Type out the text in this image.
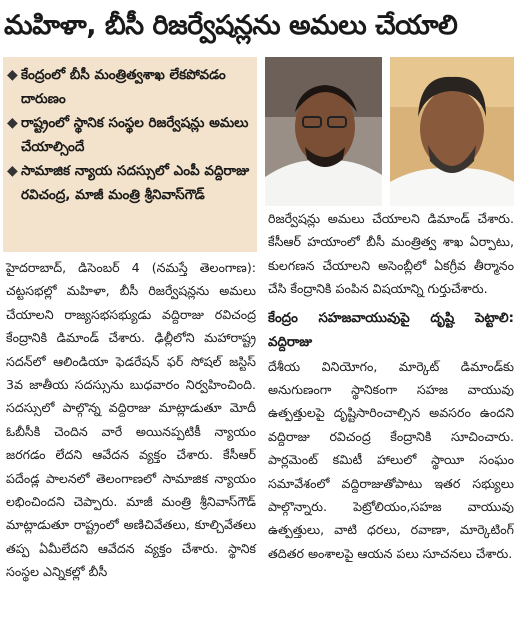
మహిళా, బీసీ రిజర్వేషన్లను అమలు చేయాలి
◆ కేంద్రంలో బీసీ మంత్రిత్వశాఖ లేకపోవడం దారుణం
◆ రాష్ట్రంలో స్థానిక సంస్థల రిజర్వేషన్లు అమలు చేయాల్సిందే
◆ సామాజిక న్యాయ సదస్సులో ఎంపీ వద్దిరాజు రవిచంద్ర, మాజీ మంత్రి శ్రీనివాస్‌గౌడ్

హైదరాబాద్, డిసెంబర్ 4 (నమస్తే తెలంగాణ): చట్టసభల్లో మహిళా, బీసీ రిజర్వేషన్లను అమలు చేయాలని రాజ్యసభసభ్యుడు వద్దిరాజు రవిచంద్ర కేంద్రానికి డిమాండ్ చేశారు. ఢిల్లీలోని మహారాష్ట్ర సదన్‌లో ఆలిండియా ఫెడరేషన్ ఫర్ సోషల్ జస్టిస్ 3వ జాతీయ సదస్సును బుధవారం నిర్వహించింది. సదస్సులో పాల్గొన్న వద్దిరాజు మాట్లాడుతూ మోదీ ఓబీసీకి చెందిన వారే అయినప్పటికీ న్యాయం జరగడం లేదని ఆవేదన వ్యక్తం చేశారు. కేసీఆర్ పదేండ్ల పాలనలో తెలంగాణలో సామాజిక న్యాయం లభించిందని చెప్పారు. మాజీ మంత్రి శ్రీనివాస్‌గౌడ్ మాట్లాడుతూ రాష్ట్రంలో అణిచివేతలు, కూల్చివేతలు తప్ప ఏమీలేదని ఆవేదన వ్యక్తం చేశారు. స్థానిక సంస్థల ఎన్నికల్లో బీసీ

రిజర్వేషన్లు అమలు చేయాలని డిమాండ్ చేశారు. కేసీఆర్ హయాంలో బీసీ మంత్రిత్వ శాఖ ఏర్పాటు, కులగణన చేయాలని అసెంబ్లీలో ఏకగ్రీవ తీర్మానం చేసి కేంద్రానికి పంపిన విషయాన్ని గుర్తుచేశారు.

కేంద్రం సహజవాయువుపై దృష్టి పెట్టాలి: వద్దిరాజు

దేశీయ వినియోగం, మార్కెట్ డిమాండ్‌కు అనుగుణంగా స్థానికంగా సహజ వాయువు ఉత్పత్తులపై దృష్టిసారించాల్సిన అవసరం ఉందని వద్దిరాజు రవిచంద్ర కేంద్రానికి సూచించారు. పార్లమెంట్ కమిటీ హాలులో స్థాయీ సంఘం సమావేశంలో వద్దిరాజుతోపాటు ఇతర సభ్యులు పాల్గొన్నారు. పెట్రోలియం,సహజ వాయువు ఉత్పత్తులు, వాటి ధరలు, రవాణా, మార్కెటింగ్ తదితర అంశాలపై ఆయన పలు సూచనలు చేశారు.
